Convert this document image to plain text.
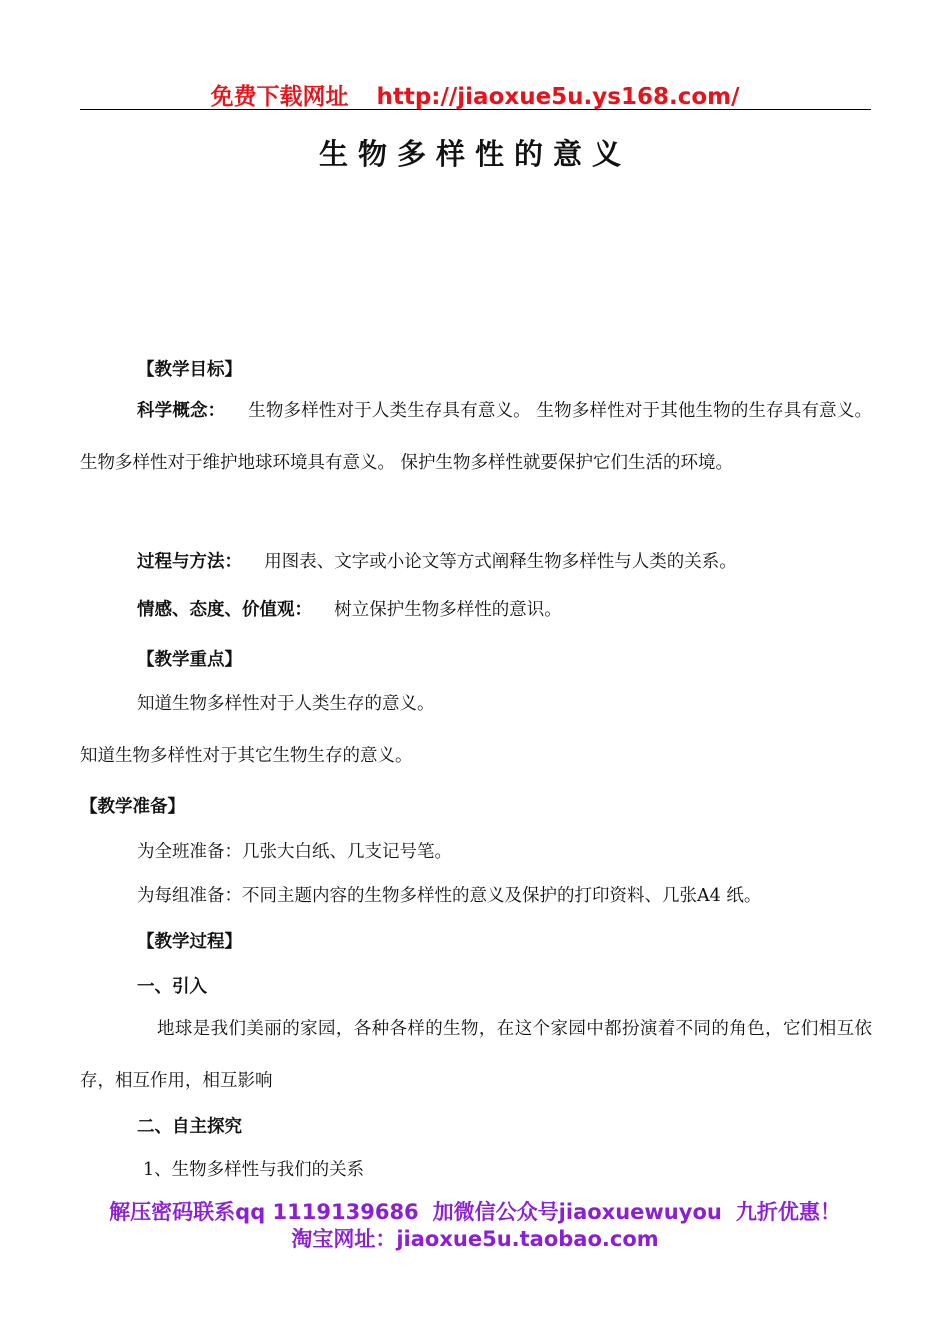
免费下载网址 http://jiaoxue5u.ys168.com/
生物多样性的意义
【教学目标】
科学概念： 生物多样性对于人类生存具有意义。 生物多样性对于其他生物的生存具有意义。 生物多样性对于维护地球环境具有意义。 保护生物多样性就要保护它们生活的环境。
过程与方法： 用图表、文字或小论文等方式阐释生物多样性与人类的关系。
情感、态度、价值观： 树立保护生物多样性的意识。
【教学重点】
知道生物多样性对于人类生存的意义。
知道生物多样性对于其它生物生存的意义。
【教学准备】
为全班准备：几张大白纸、几支记号笔。
为每组准备：不同主题内容的生物多样性的意义及保护的打印资料、几张A4 纸。
【教学过程】
一、引入
地球是我们美丽的家园，各种各样的生物，在这个家园中都扮演着不同的角色，它们相互依存，相互作用，相互影响
二、自主探究
1、生物多样性与我们的关系
解压密码联系qq 1119139686 加微信公众号jiaoxuewuyou 九折优惠！
淘宝网址：jiaoxue5u.taobao.com
